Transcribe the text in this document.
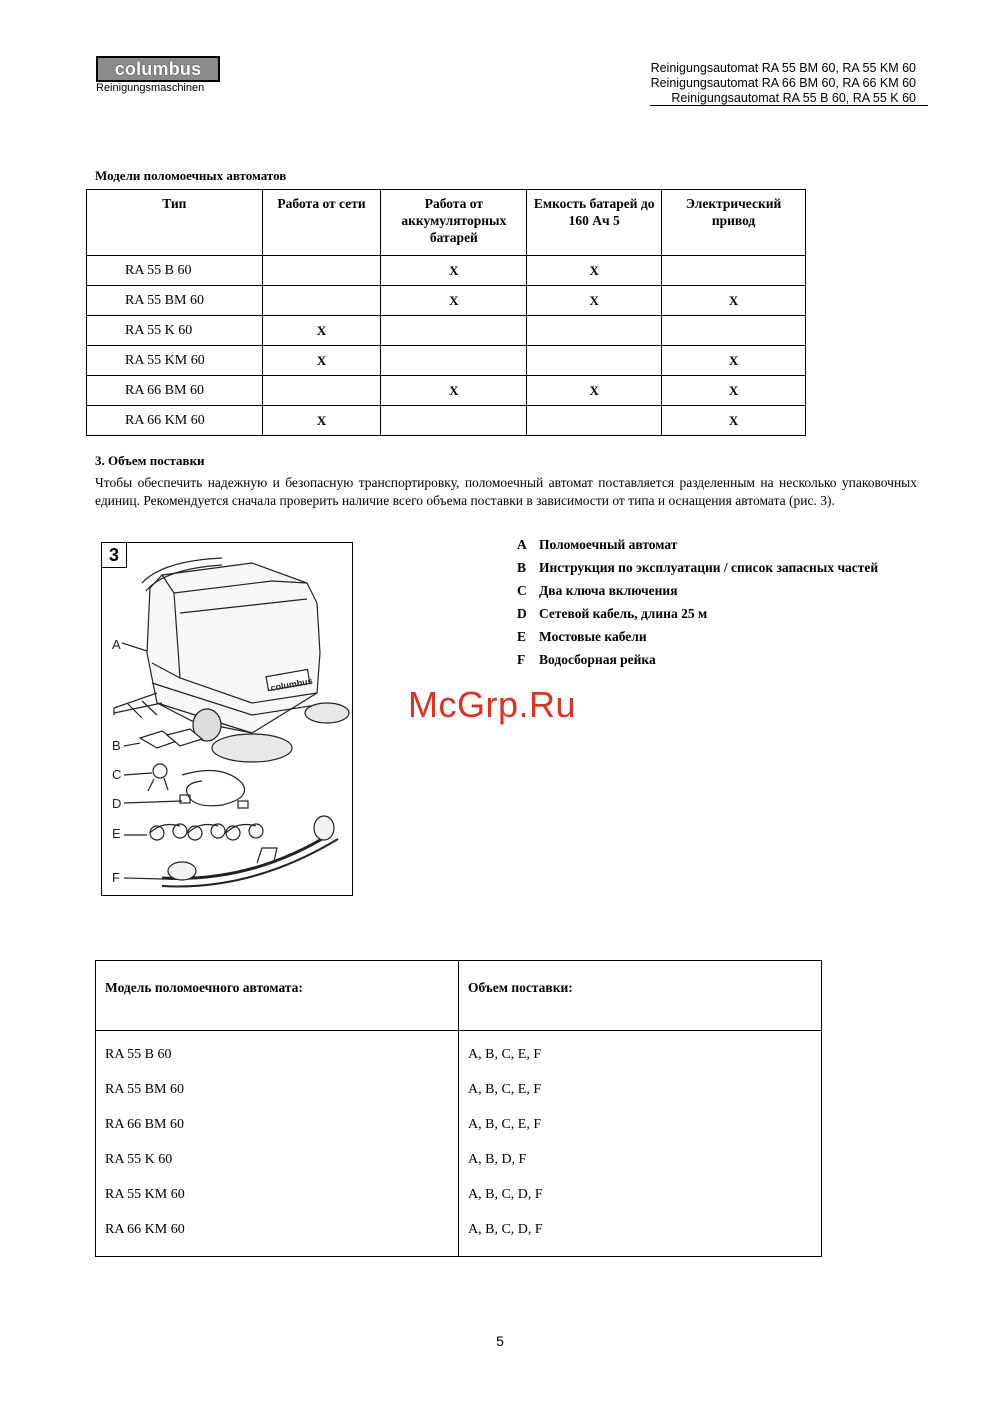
columbus
Reinigungsmaschinen
Reinigungsautomat RA 55 BM 60, RA 55 KM 60
Reinigungsautomat RA 66 BM 60, RA 66 KM 60
Reinigungsautomat RA 55 B 60, RA 55 K 60
Модели поломоечных автоматов
Тип	Работа от сети	Работа от аккумуляторных батарей	Емкость батарей до 160 Ач 5	Электрический привод
RA 55 B 60		X	X	
RA 55 BM 60		X	X	X
RA 55 K 60	X			
RA 55 KM 60	X			X
RA 66 BM 60		X	X	X
RA 66 KM 60	X			X
3. Объем поставки
Чтобы обеспечить надежную и безопасную транспортировку, поломоечный автомат поставляется разделенным на несколько упаковочных единиц. Рекомендуется сначала проверить наличие всего объема поставки в зависимости от типа и оснащения автомата (рис. 3).
A
B
C
D
E
F
columbus
3	A Поломоечный автомат
B Инструкция по эксплуатации / список запасных частей
C Два ключа включения
D Сетевой кабель, длина 25 м
E Мостовые кабели
F Водосборная рейка
McGrp.Ru
Модель поломоечного автомата:	Объем поставки:
RA 55 B 60	A, B, C, E, F
RA 55 BM 60	A, B, C, E, F
RA 66 BM 60	A, B, C, E, F
RA 55 K 60	A, B, D, F
RA 55 KM 60	A, B, C, D, F
RA 66 KM 60	A, B, C, D, F
5
